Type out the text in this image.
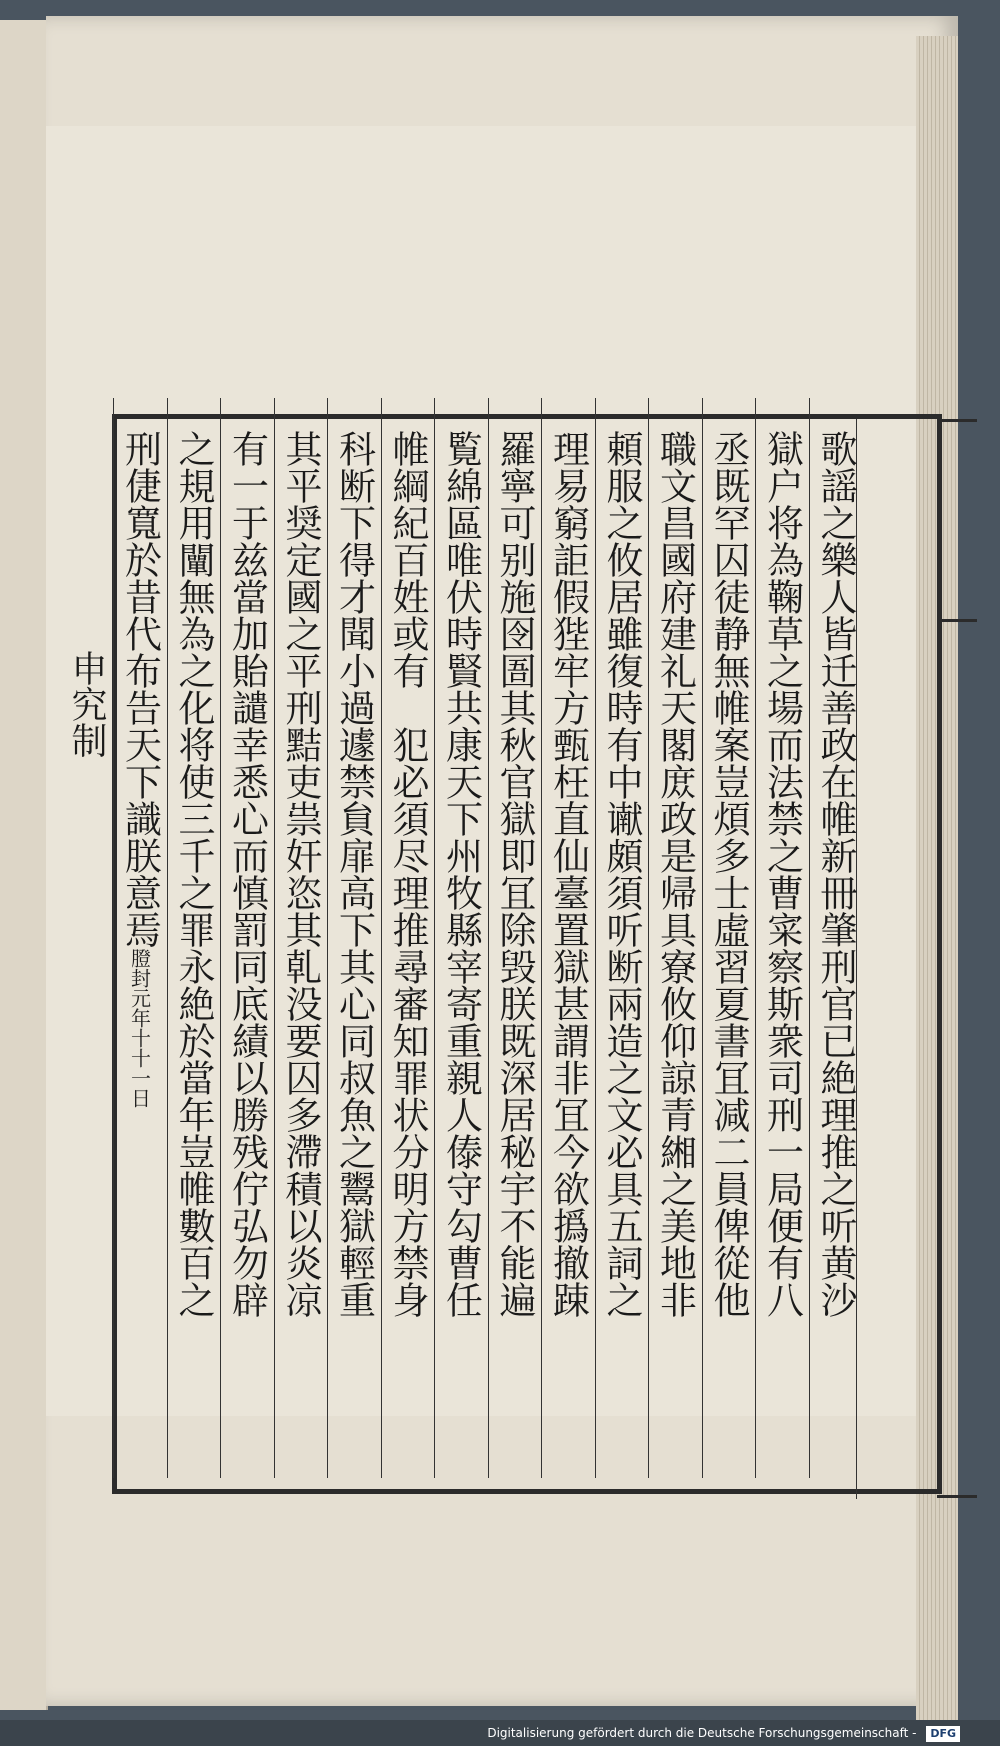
歌謡之樂人皆迁善政在帷新冊肇刑官已絶理推之听黄沙
獄户将為鞠草之場而法禁之曹寀察斯衆司刑一局便有八
丞既罕囚徒静無帷案豈煩多士虛習夏書冝减二員俾從他
職文昌國府建礼天閣庻政是帰具寮攸仰諒青緗之美地非
頼服之攸居雖復時有中谳頗須听断兩造之文必具五詞之
理易窮詎假狴牢方甄枉直仙臺置獄甚謂非冝今欲撝撤踈
羅寧可别施囹圄其秋官獄即冝除毁朕既深居秘宇不能遍
覧綿區唯伏時賢共康天下州牧縣宰寄重親人傣守勾曹任
帷綱紀百姓或有　犯必須尽理推尋審知罪状分明方禁身
科断下得才聞小過遽禁貟扉高下其心同叔魚之鬻獄輕重
其平奨定國之平刑黠吏祟奸恣其乹没要囚多滯積以炎凉
有一于兹當加貽譴幸悉心而慎罰同底績以勝残佇弘勿辟
之規用闡無為之化将使三千之罪永絶於當年豈帷數百之
刑倢寬於昔代布告天下識朕意焉膯封元年十十一日
申究制
Digitalisierung gefördert durch die Deutsche Forschungsgemeinschaft - DFG
